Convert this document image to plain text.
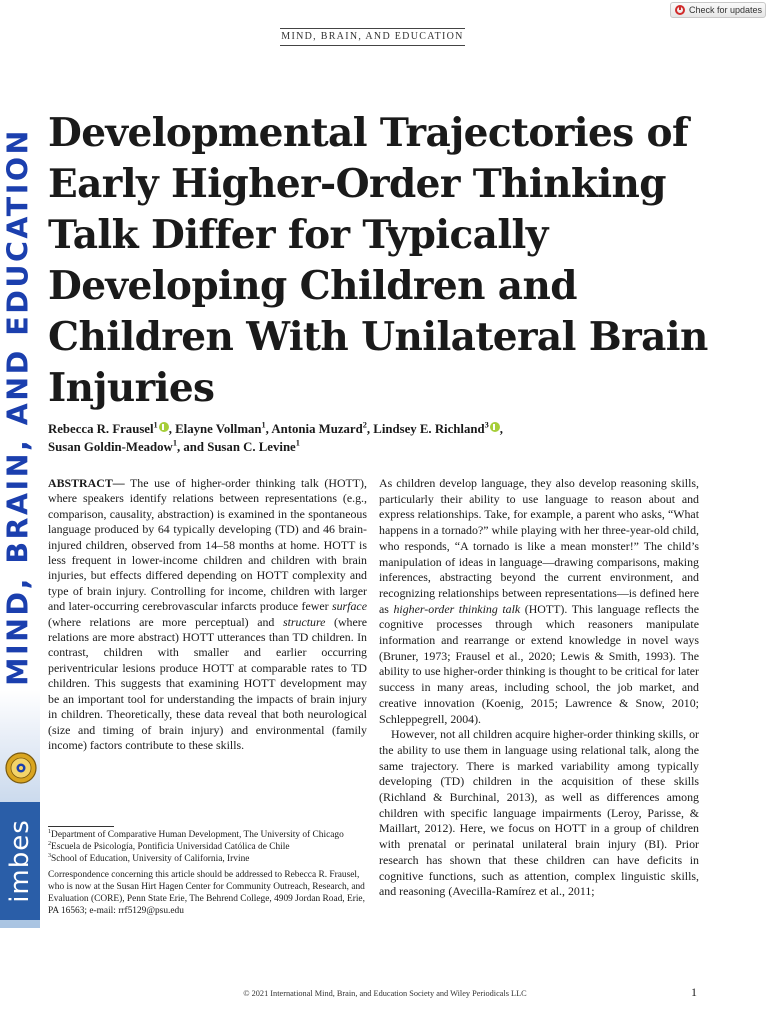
Check for updates
MIND, BRAIN, AND EDUCATION
MIND, BRAIN, AND EDUCATION
imbes
Developmental Trajectories of Early Higher-Order Thinking Talk Differ for Typically Developing Children and Children With Unilateral Brain Injuries
Rebecca R. Frausel$^1$ , Elayne Vollman$^1$, Antonia Muzard$^2$, Lindsey E. Richland$^3$ ,
Susan Goldin-Meadow$^1$, and Susan C. Levine$^1$
ABSTRACT— The use of higher-order thinking talk (HOTT), where speakers identify relations between representations (e.g., comparison, causality, abstraction) is examined in the spontaneous language produced by 64 typically developing (TD) and 46 brain-injured children, observed from 14–58 months at home. HOTT is less frequent in lower-income children and children with brain injuries, but effects differed depending on HOTT complexity and type of brain injury. Controlling for income, children with larger and later-occurring cerebrovascular infarcts produce fewer surface (where relations are more perceptual) and structure (where relations are more abstract) HOTT utterances than TD children. In contrast, children with smaller and earlier occurring periventricular lesions produce HOTT at comparable rates to TD children. This suggests that examining HOTT development may be an important tool for understanding the impacts of brain injury in children. Theoretically, these data reveal that both neurological (size and timing of brain injury) and environmental (family income) factors contribute to these skills.

$^1$Department of Comparative Human Development, The University of Chicago

$^2$Escuela de Psicología, Pontificia Universidad Católica de Chile

$^3$School of Education, University of California, Irvine

Correspondence concerning this article should be addressed to Rebecca R. Frausel, who is now at the Susan Hirt Hagen Center for Community Outreach, Research, and Evaluation (CORE), Penn State Erie, The Behrend College, 4909 Jordan Road, Erie, PA 16563; e-mail: rrf5129@psu.edu

As children develop language, they also develop reasoning skills, particularly their ability to use language to reason about and express relationships. Take, for example, a parent who asks, “What happens in a tornado?” while playing with her three-year-old child, who responds, “A tornado is like a mean monster!” The child’s manipulation of ideas in language—drawing comparisons, making inferences, abstracting beyond the current environment, and recognizing relationships between representations—is defined here as higher-order thinking talk (HOTT). This language reflects the cognitive processes through which reasoners manipulate information and rearrange or extend knowledge in novel ways (Bruner, 1973; Frausel et al., 2020; Lewis & Smith, 1993). The ability to use higher-order thinking is thought to be critical for later success in many areas, including school, the job market, and creative innovation (Koenig, 2015; Lawrence & Snow, 2010; Schleppegrell, 2004).

However, not all children acquire higher-order thinking skills, or the ability to use them in language using relational talk, along the same trajectory. There is marked variability among typically developing (TD) children in the acquisition of these skills (Richland & Burchinal, 2013), as well as differences among children with specific language impairments (Leroy, Parisse, & Maillart, 2012). Here, we focus on HOTT in a group of children with prenatal or perinatal unilateral brain injury (BI). Prior research has shown that these children can have deficits in cognitive functions, such as attention, complex linguistic skills, and reasoning (Avecilla-Ramírez et al., 2011;

© 2021 International Mind, Brain, and Education Society and Wiley Periodicals LLC	1
